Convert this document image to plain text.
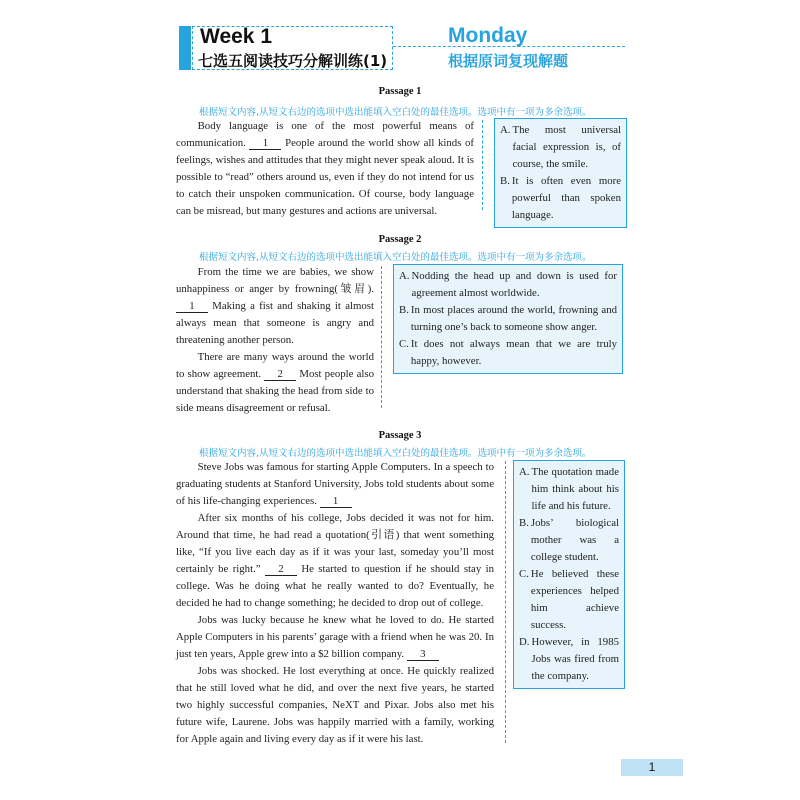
Week 1
七选五阅读技巧分解训练(1)
Monday
根据原词复现解题
Passage 1
根据短文内容,从短文右边的选项中选出能填入空白处的最佳选项。选项中有一项为多余选项。

Body language is one of the most powerful means of communication. 1 People around the world show all kinds of feelings, wishes and attitudes that they might never speak aloud. It is possible to “read” others around us, even if they do not intend for us to catch their unspoken communication. Of course, body language can be misread, but many gestures and actions are universal.

A. The most universal facial expression is, of course, the smile.
B. It is often even more powerful than spoken language.
Passage 2
根据短文内容,从短文右边的选项中选出能填入空白处的最佳选项。选项中有一项为多余选项。

From the time we are babies, we show unhappiness or anger by frowning(皱眉). 1 Making a fist and shaking it almost always mean that someone is angry and threatening another person.

There are many ways around the world to show agreement. 2 Most people also understand that shaking the head from side to side means disagreement or refusal.

A. Nodding the head up and down is used for agreement almost worldwide.
B. In most places around the world, frowning and turning one’s back to someone show anger.
C. It does not always mean that we are truly happy, however.
Passage 3
根据短文内容,从短文右边的选项中选出能填入空白处的最佳选项。选项中有一项为多余选项。

Steve Jobs was famous for starting Apple Computers. In a speech to graduating students at Stanford University, Jobs told students about some of his life-changing experiences. 1

After six months of his college, Jobs decided it was not for him. Around that time, he had read a quotation(引语) that went something like, “If you live each day as if it was your last, someday you’ll most certainly be right.” 2 He started to question if he should stay in college. Was he doing what he really wanted to do? Eventually, he decided he had to change something; he decided to drop out of college.

Jobs was lucky because he knew what he loved to do. He started Apple Computers in his parents’ garage with a friend when he was 20. In just ten years, Apple grew into a $2 billion company. 3

Jobs was shocked. He lost everything at once. He quickly realized that he still loved what he did, and over the next five years, he started two highly successful companies, NeXT and Pixar. Jobs also met his future wife, Laurene. Jobs was happily married with a family, working for Apple again and living every day as if it were his last.

A. The quotation made him think about his life and his future.
B. Jobs’ biological mother was a college student.
C. He believed these experiences helped him achieve success.
D. However, in 1985 Jobs was fired from the company.
1
